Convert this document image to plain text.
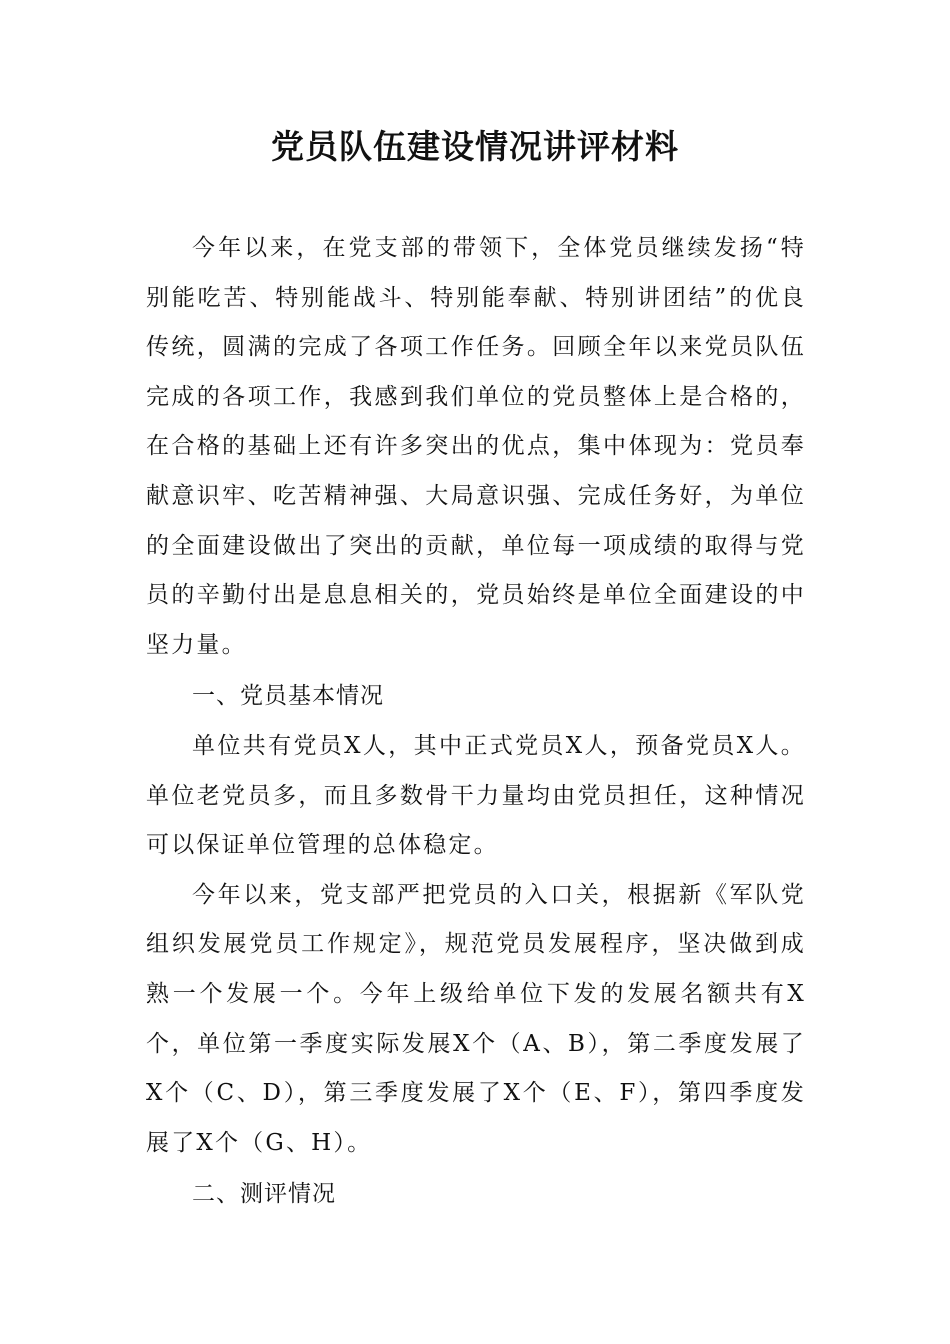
党员队伍建设情况讲评材料

今年以来，在党支部的带领下，全体党员继续发扬“特别能吃苦、特别能战斗、特别能奉献、特别讲团结”的优良传统，圆满的完成了各项工作任务。回顾全年以来党员队伍完成的各项工作，我感到我们单位的党员整体上是合格的，在合格的基础上还有许多突出的优点，集中体现为：党员奉献意识牢、吃苦精神强、大局意识强、完成任务好，为单位的全面建设做出了突出的贡献，单位每一项成绩的取得与党员的辛勤付出是息息相关的，党员始终是单位全面建设的中坚力量。

一、党员基本情况

单位共有党员X人，其中正式党员X人，预备党员X人。单位老党员多，而且多数骨干力量均由党员担任，这种情况可以保证单位管理的总体稳定。

今年以来，党支部严把党员的入口关，根据新《军队党组织发展党员工作规定》，规范党员发展程序，坚决做到成熟一个发展一个。今年上级给单位下发的发展名额共有X个，单位第一季度实际发展X个（A、B），第二季度发展了X个（C、D），第三季度发展了X个（E、F），第四季度发展了X个（G、H）。

二、测评情况
